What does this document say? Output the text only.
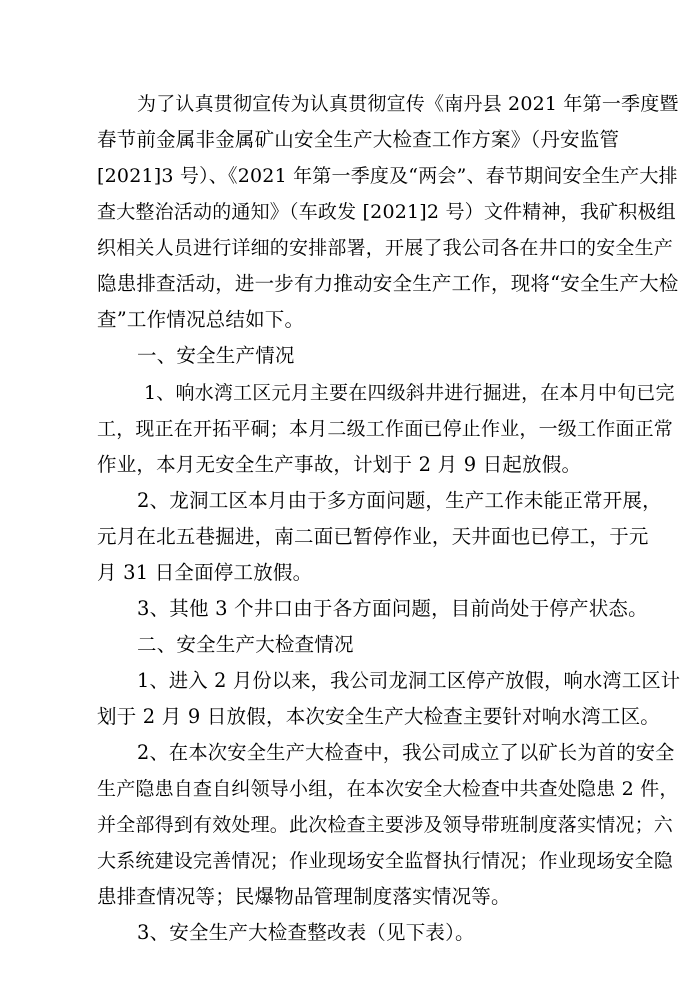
为了认真贯彻宣传为认真贯彻宣传《南丹县 2021 年第一季度暨
春节前金属非金属矿山安全生产大检查工作方案》（丹安监管
[2021]3 号）、《2021 年第一季度及“两会”、春节期间安全生产大排
查大整治活动的通知》（车政发 [2021]2 号）文件精神，我矿积极组
织相关人员进行详细的安排部署，开展了我公司各在井口的安全生产
隐患排查活动，进一步有力推动安全生产工作，现将“安全生产大检
查”工作情况总结如下。
一、安全生产情况
1、响水湾工区元月主要在四级斜井进行掘进，在本月中旬已完
工，现正在开拓平硐；本月二级工作面已停止作业，一级工作面正常
作业，本月无安全生产事故，计划于 2 月 9 日起放假。
2、龙洞工区本月由于多方面问题，生产工作未能正常开展，
元月在北五巷掘进，南二面已暂停作业，天井面也已停工，于元
月 31 日全面停工放假。
3、其他 3 个井口由于各方面问题，目前尚处于停产状态。
二、安全生产大检查情况
1、进入 2 月份以来，我公司龙洞工区停产放假，响水湾工区计
划于 2 月 9 日放假，本次安全生产大检查主要针对响水湾工区。
2、在本次安全生产大检查中，我公司成立了以矿长为首的安全
生产隐患自查自纠领导小组，在本次安全大检查中共查处隐患 2 件，
并全部得到有效处理。此次检查主要涉及领导带班制度落实情况；六
大系统建设完善情况；作业现场安全监督执行情况；作业现场安全隐
患排查情况等；民爆物品管理制度落实情况等。
3、安全生产大检查整改表（见下表）。
